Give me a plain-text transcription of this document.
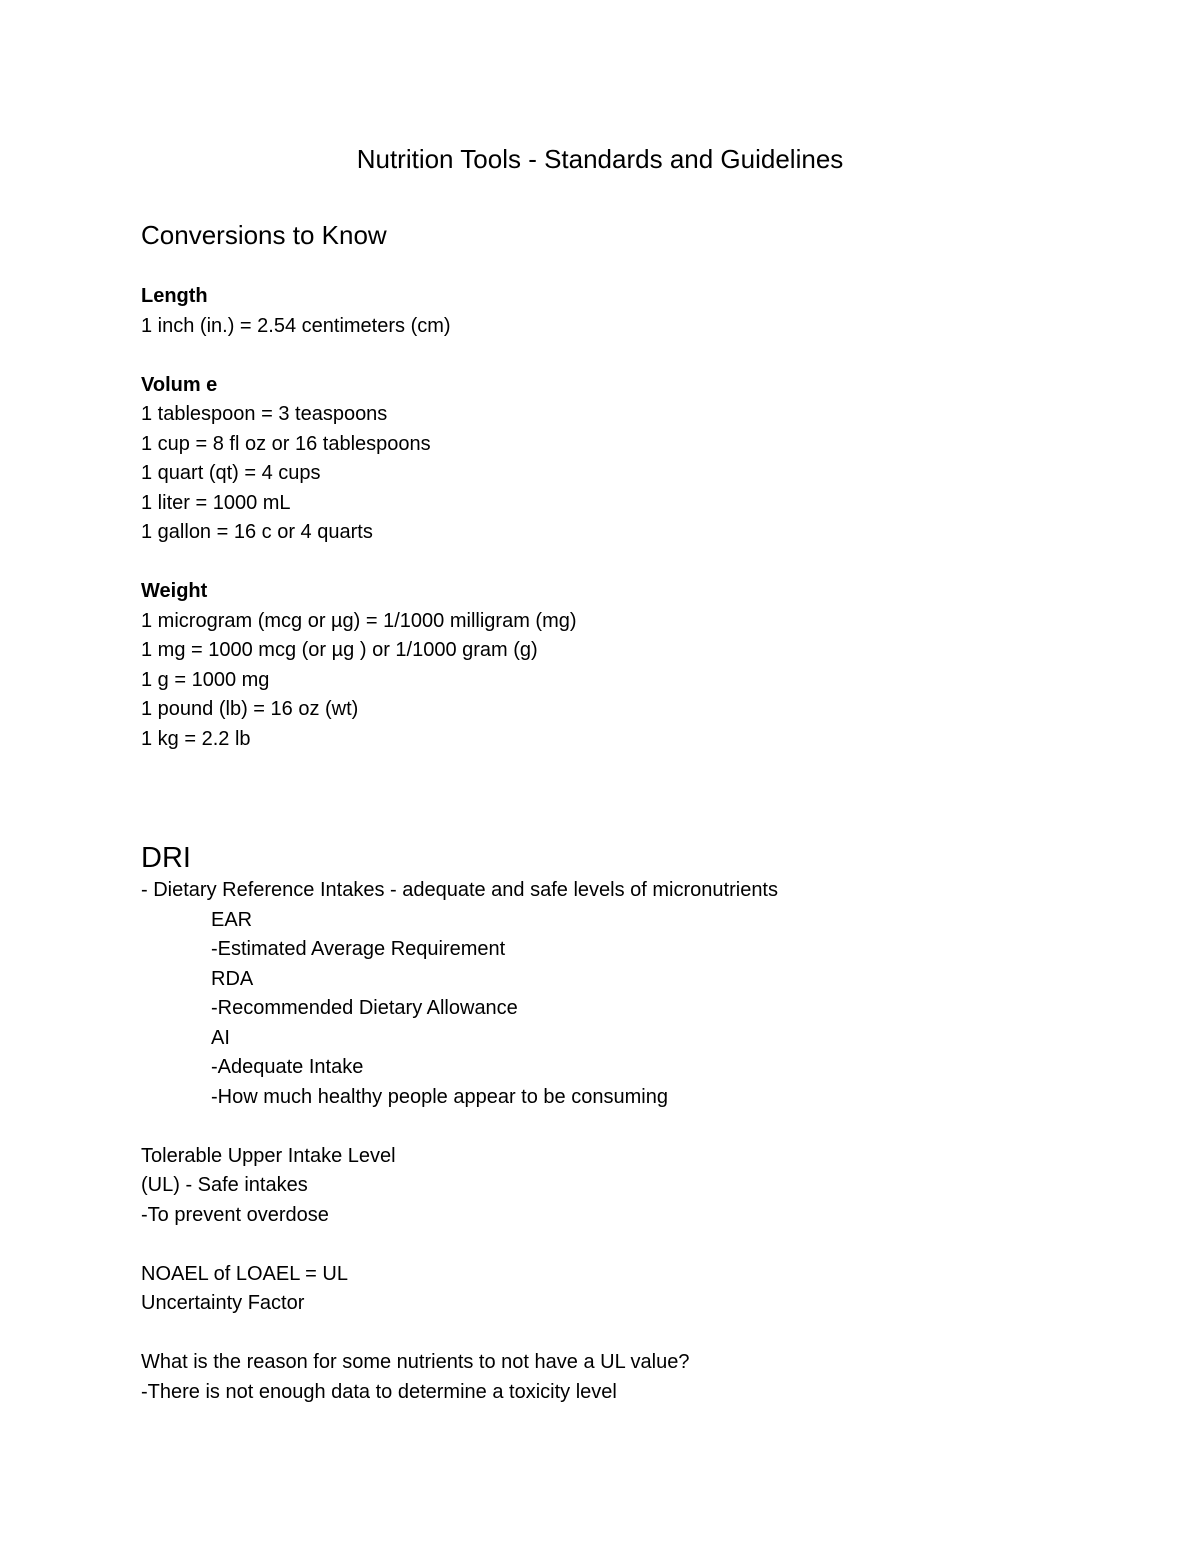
Nutrition Tools - Standards and Guidelines
Conversions to Know

Length

1 inch (in.) = 2.54 centimeters (cm)

Volum e

1 tablespoon = 3 teaspoons

1 cup = 8 fl oz or 16 tablespoons

1 quart (qt) = 4 cups

1 liter = 1000 mL

1 gallon = 16 c or 4 quarts

Weight

1 microgram (mcg or µg) = 1/1000 milligram (mg)

1 mg = 1000 mcg (or µg ) or 1/1000 gram (g)

1 g = 1000 mg

1 pound (lb) = 16 oz (wt)

1 kg = 2.2 lb

DRI

- Dietary Reference Intakes - adequate and safe levels of micronutrients

EAR

-Estimated Average Requirement

RDA

-Recommended Dietary Allowance

AI

-Adequate Intake

-How much healthy people appear to be consuming

Tolerable Upper Intake Level

(UL) - Safe intakes

-To prevent overdose

NOAEL of LOAEL = UL

Uncertainty Factor

What is the reason for some nutrients to not have a UL value?

-There is not enough data to determine a toxicity level
